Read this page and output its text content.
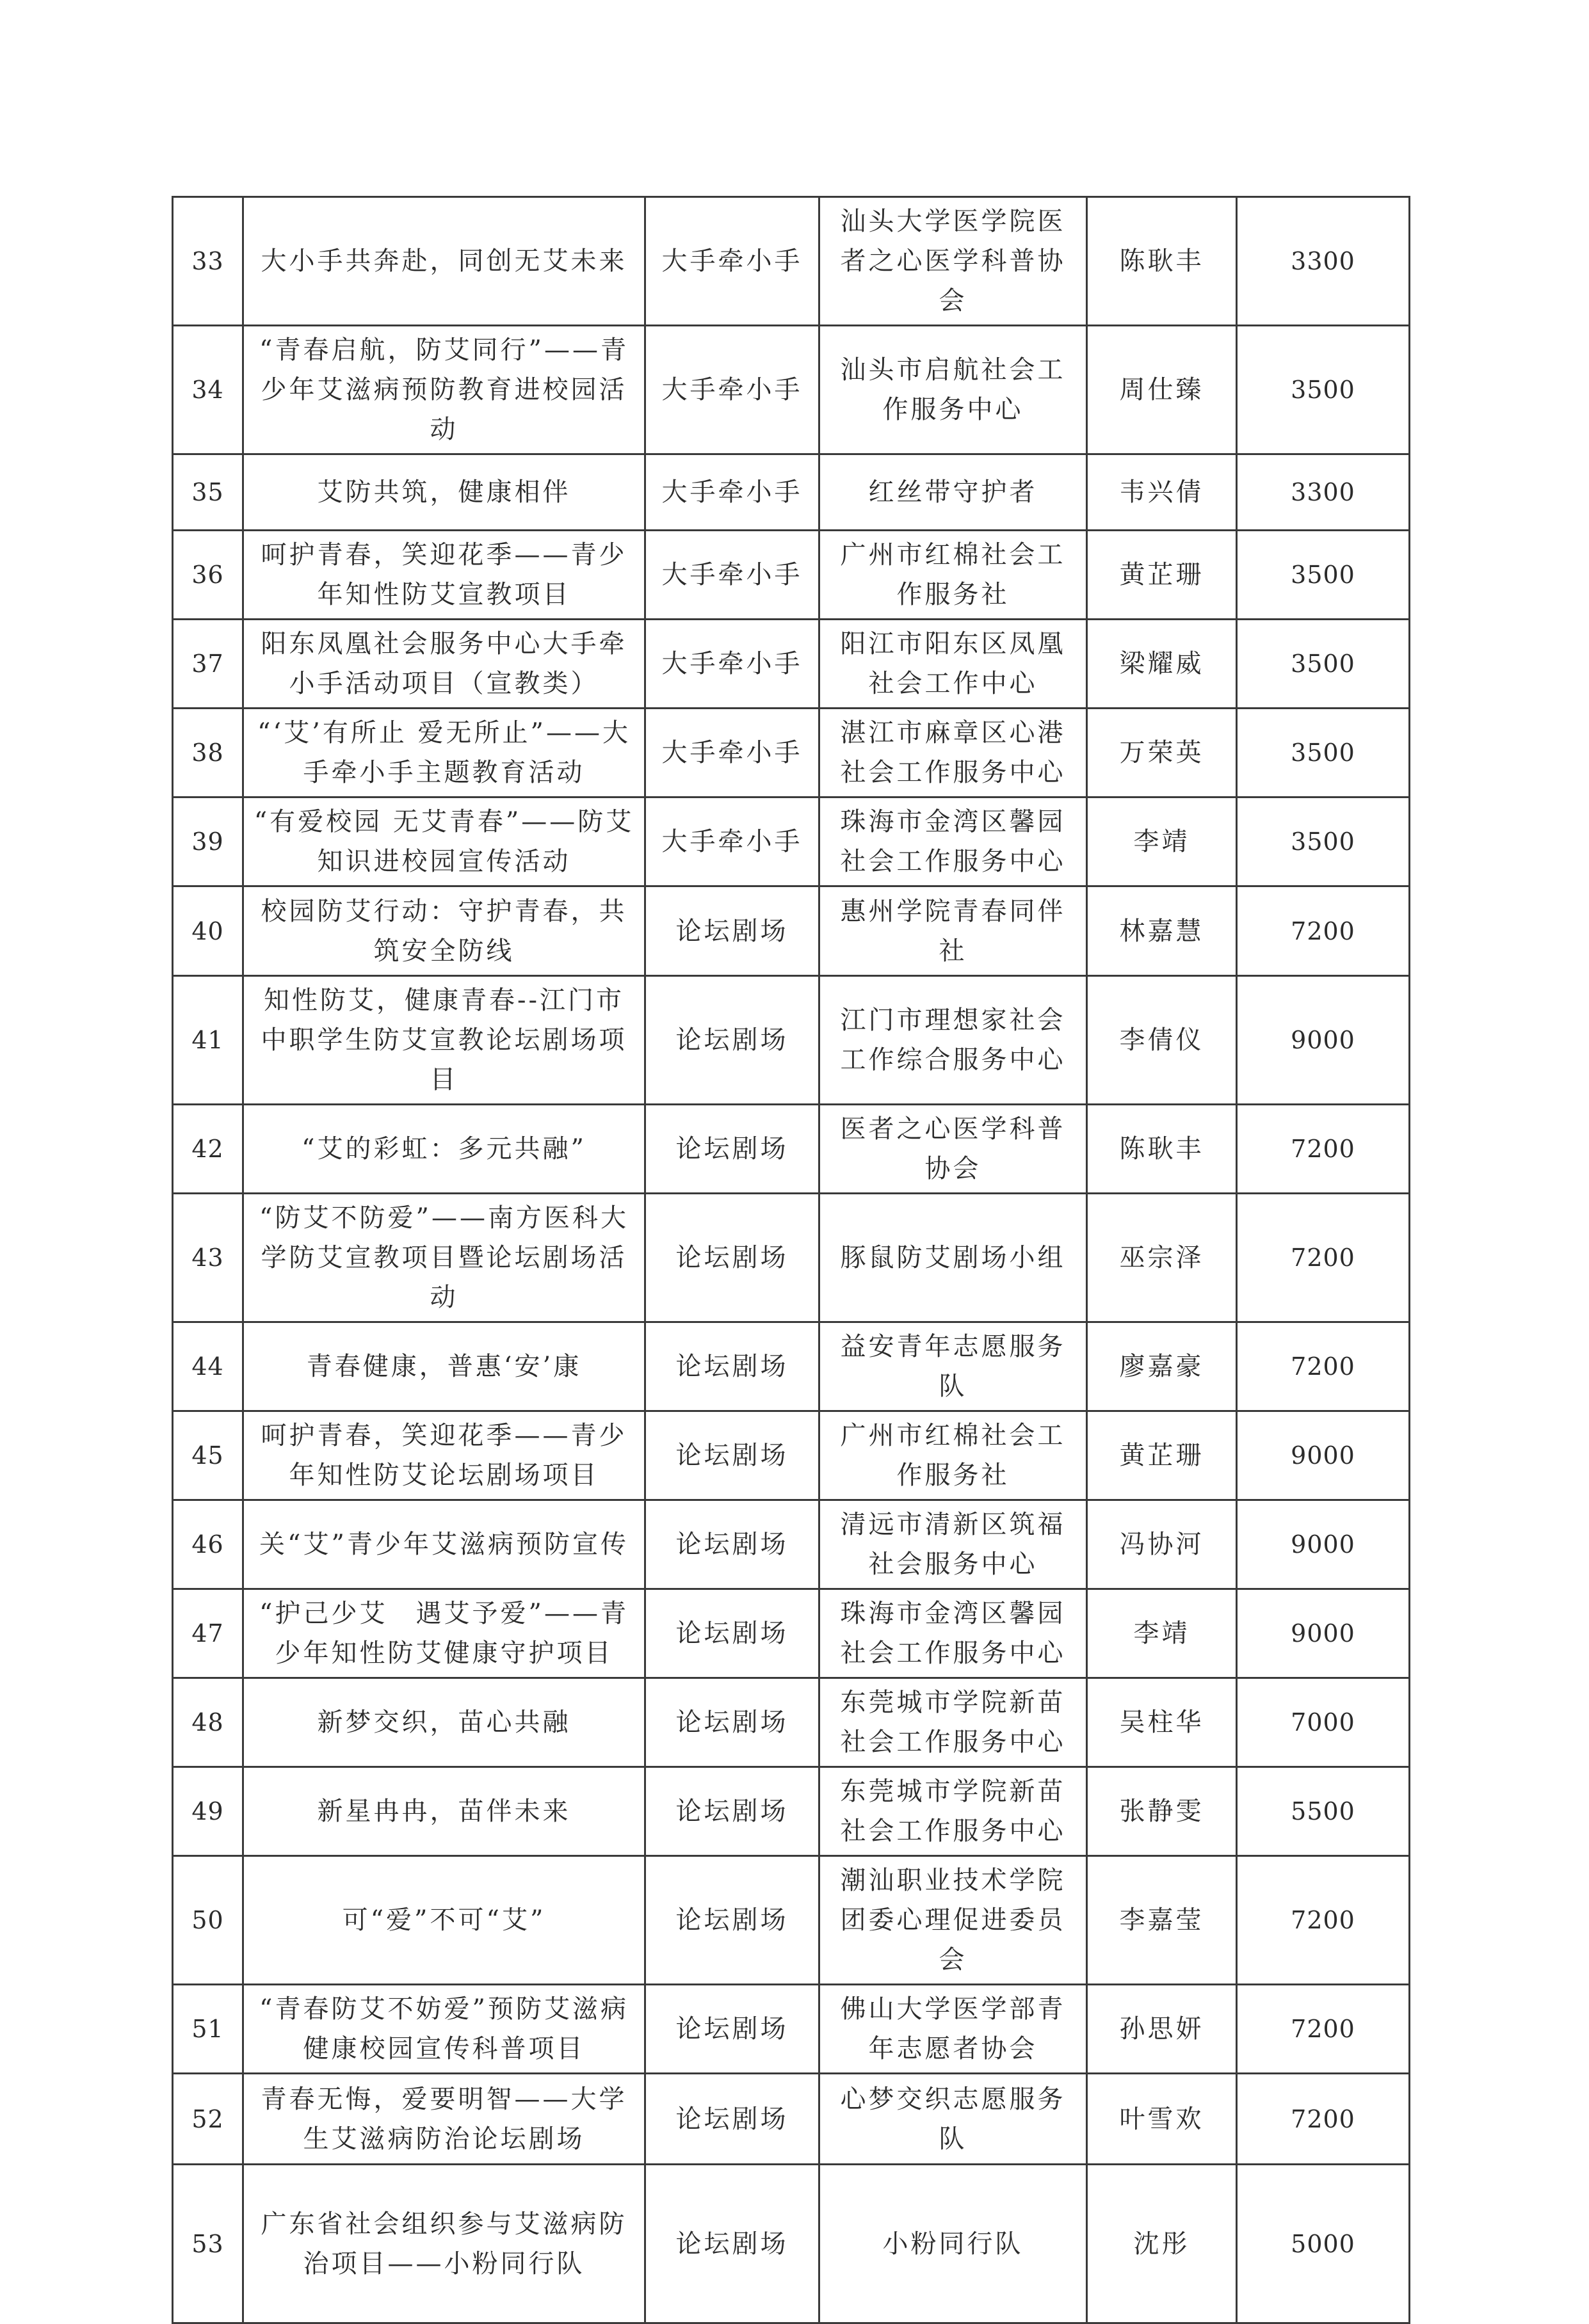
33	大小手共奔赴，同创无艾未来	大手牵小手	汕头大学医学院医者之心医学科普协会	陈耿丰	3300
34	“青春启航，防艾同行”——青少年艾滋病预防教育进校园活动	大手牵小手	汕头市启航社会工作服务中心	周仕臻	3500
35	艾防共筑，健康相伴	大手牵小手	红丝带守护者	韦兴倩	3300
36	呵护青春，笑迎花季——青少年知性防艾宣教项目	大手牵小手	广州市红棉社会工作服务社	黄芷珊	3500
37	阳东凤凰社会服务中心大手牵小手活动项目（宣教类）	大手牵小手	阳江市阳东区凤凰社会工作中心	梁耀威	3500
38	“‘艾’有所止 爱无所止”——大手牵小手主题教育活动	大手牵小手	湛江市麻章区心港社会工作服务中心	万荣英	3500
39	“有爱校园 无艾青春”——防艾知识进校园宣传活动	大手牵小手	珠海市金湾区馨园社会工作服务中心	李靖	3500
40	校园防艾行动：守护青春，共筑安全防线	论坛剧场	惠州学院青春同伴社	林嘉慧	7200
41	知性防艾，健康青春--江门市中职学生防艾宣教论坛剧场项目	论坛剧场	江门市理想家社会工作综合服务中心	李倩仪	9000
42	“艾的彩虹：多元共融”	论坛剧场	医者之心医学科普协会	陈耿丰	7200
43	“防艾不防爱”——南方医科大学防艾宣教项目暨论坛剧场活动	论坛剧场	豚鼠防艾剧场小组	巫宗泽	7200
44	青春健康，普惠‘安’康	论坛剧场	益安青年志愿服务队	廖嘉豪	7200
45	呵护青春，笑迎花季——青少年知性防艾论坛剧场项目	论坛剧场	广州市红棉社会工作服务社	黄芷珊	9000
46	关“艾”青少年艾滋病预防宣传	论坛剧场	清远市清新区筑福社会服务中心	冯协河	9000
47	“护己少艾　遇艾予爱”——青少年知性防艾健康守护项目	论坛剧场	珠海市金湾区馨园社会工作服务中心	李靖	9000
48	新梦交织，苗心共融	论坛剧场	东莞城市学院新苗社会工作服务中心	吴柱华	7000
49	新星冉冉，苗伴未来	论坛剧场	东莞城市学院新苗社会工作服务中心	张静雯	5500
50	可“爱”不可“艾”	论坛剧场	潮汕职业技术学院团委心理促进委员会	李嘉莹	7200
51	“青春防艾不妨爱”预防艾滋病健康校园宣传科普项目	论坛剧场	佛山大学医学部青年志愿者协会	孙思妍	7200
52	青春无悔，爱要明智——大学生艾滋病防治论坛剧场	论坛剧场	心梦交织志愿服务队	叶雪欢	7200
53	广东省社会组织参与艾滋病防治项目——小粉同行队	论坛剧场	小粉同行队	沈彤	5000
